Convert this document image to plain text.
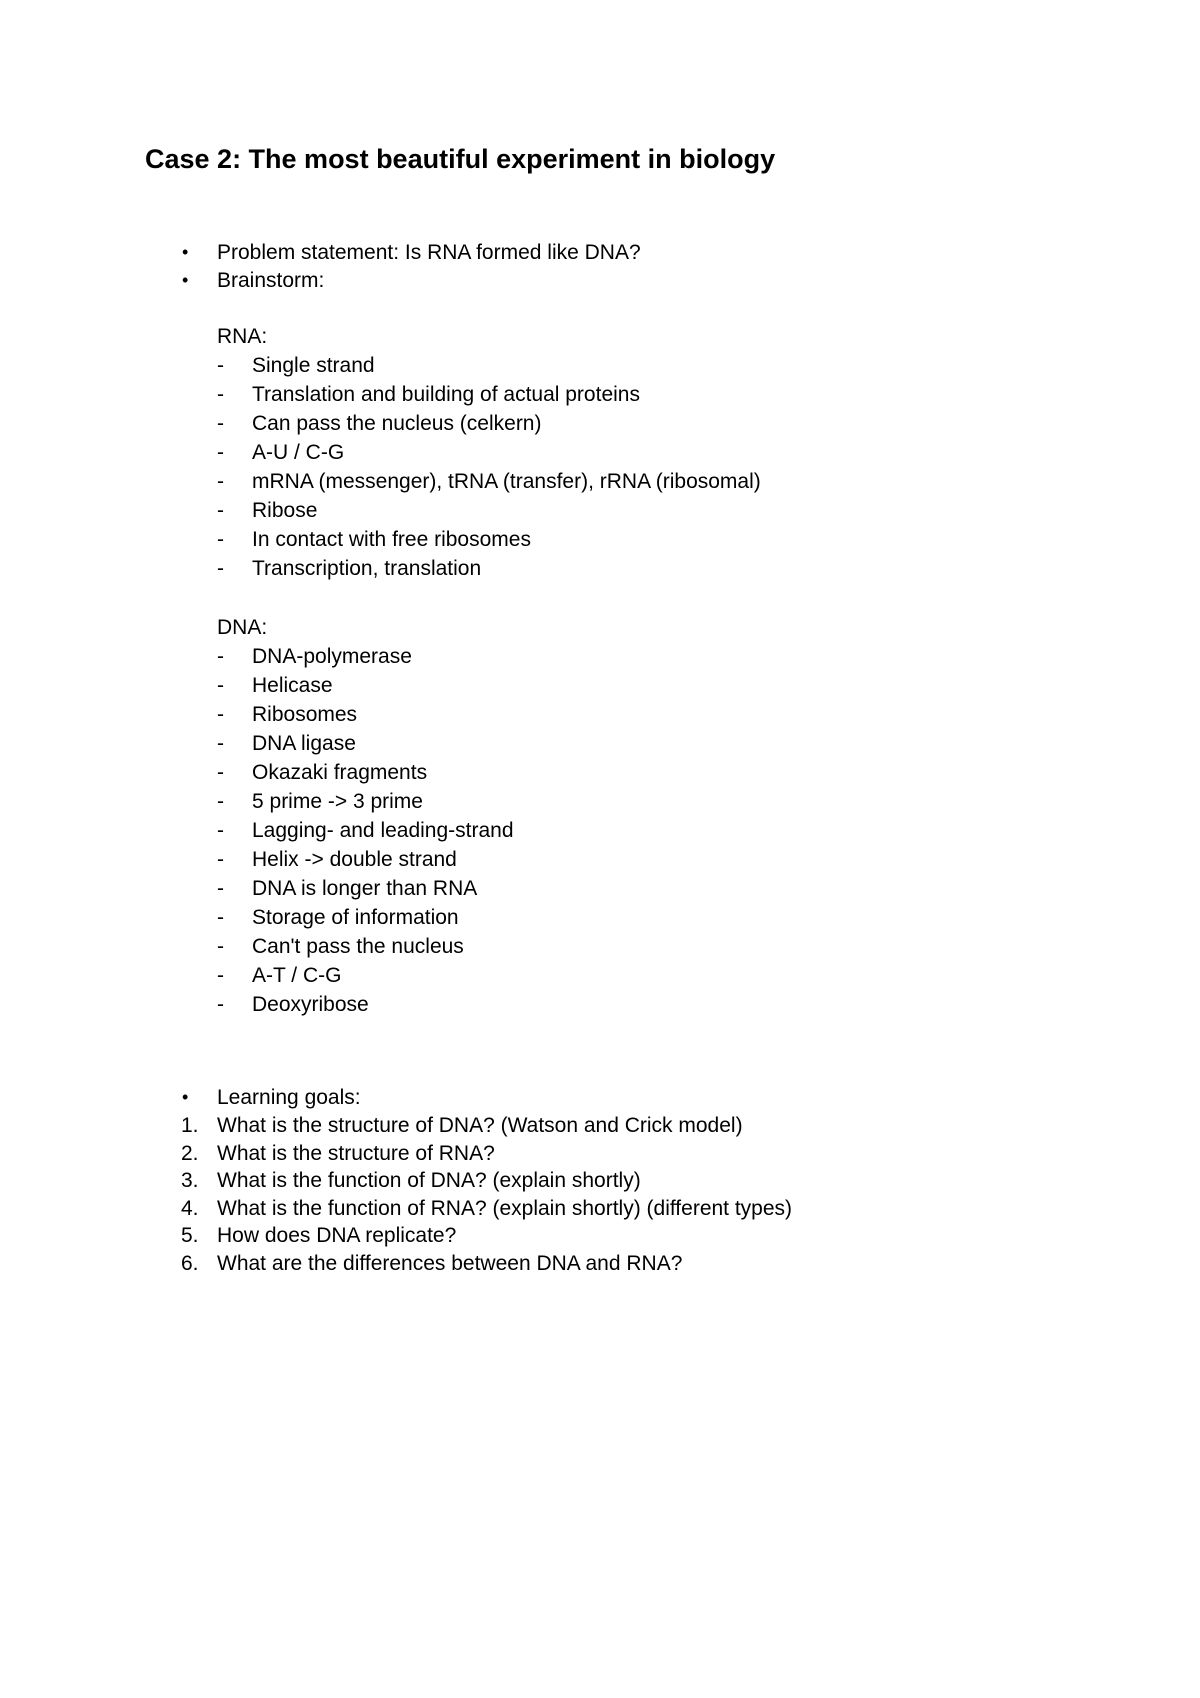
Case 2: The most beautiful experiment in biology
• Problem statement: Is RNA formed like DNA?
• Brainstorm:
RNA:
- Single strand
- Translation and building of actual proteins
- Can pass the nucleus (celkern)
- A-U / C-G
- mRNA (messenger), tRNA (transfer), rRNA (ribosomal)
- Ribose
- In contact with free ribosomes
- Transcription, translation
DNA:
- DNA-polymerase
- Helicase
- Ribosomes
- DNA ligase
- Okazaki fragments
- 5 prime -> 3 prime
- Lagging- and leading-strand
- Helix -> double strand
- DNA is longer than RNA
- Storage of information
- Can't pass the nucleus
- A-T / C-G
- Deoxyribose
• Learning goals:
1. What is the structure of DNA? (Watson and Crick model)
2. What is the structure of RNA?
3. What is the function of DNA? (explain shortly)
4. What is the function of RNA? (explain shortly) (different types)
5. How does DNA replicate?
6. What are the differences between DNA and RNA?
